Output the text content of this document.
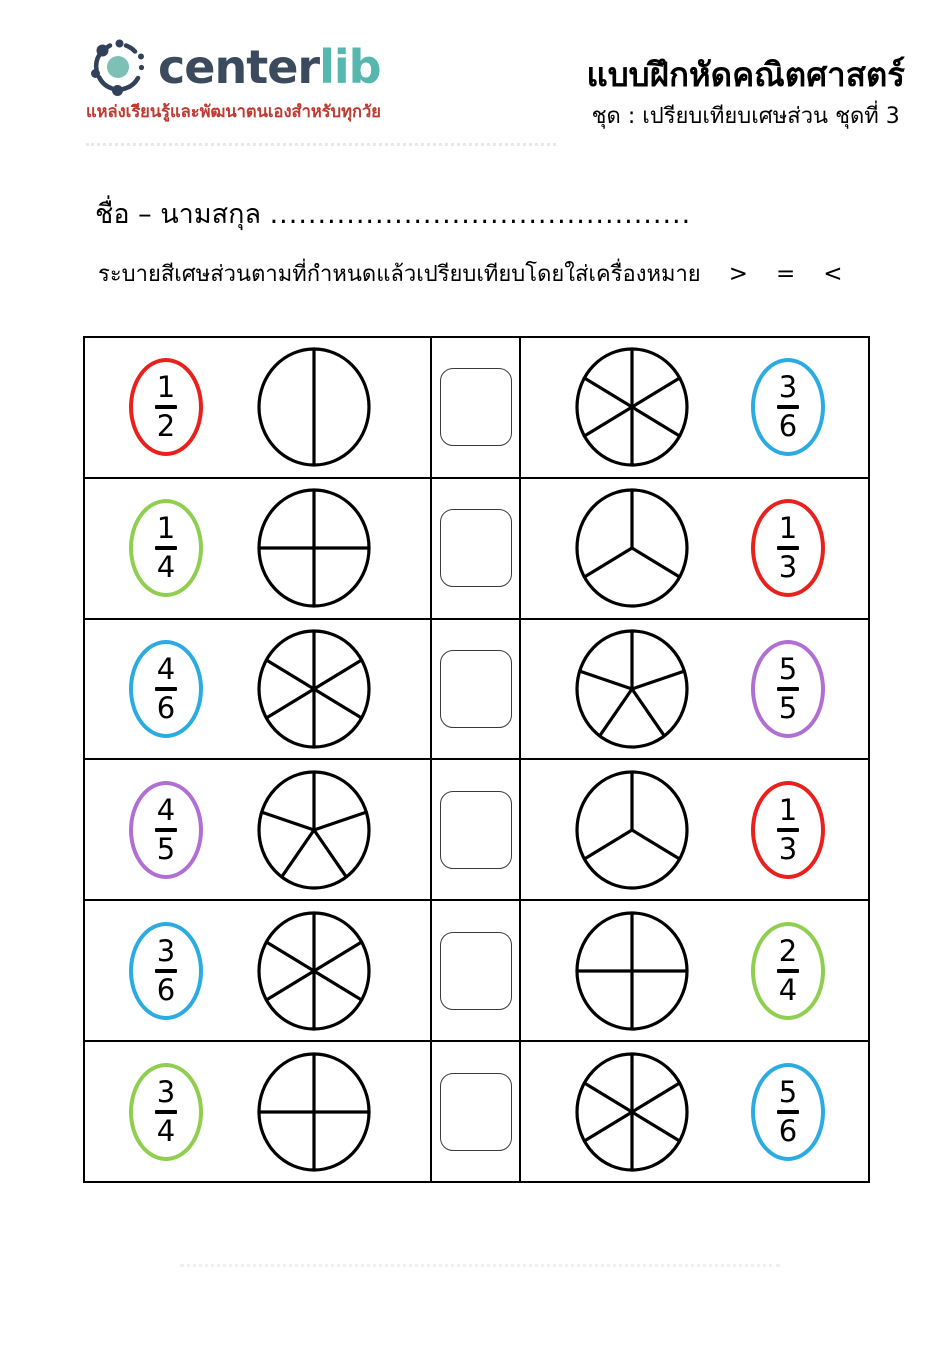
centerlib
แหล่งเรียนรู้และพัฒนาตนเองสำหรับทุกวัย
แบบฝึกหัดคณิตศาสตร์
ชุด : เปรียบเทียบเศษส่วน ชุดที่ 3
ชื่อ – นามสกุล ............................................
ระบายสีเศษส่วนตามที่กำหนดแล้วเปรียบเทียบโดยใส่เครื่องหมาย > = <
$\frac{1}{2}$	$\frac{3}{6}$
$\frac{1}{4}$	$\frac{1}{3}$
$\frac{4}{6}$	$\frac{5}{5}$
$\frac{4}{5}$	$\frac{1}{3}$
$\frac{3}{6}$	$\frac{2}{4}$
$\frac{3}{4}$	$\frac{5}{6}$
